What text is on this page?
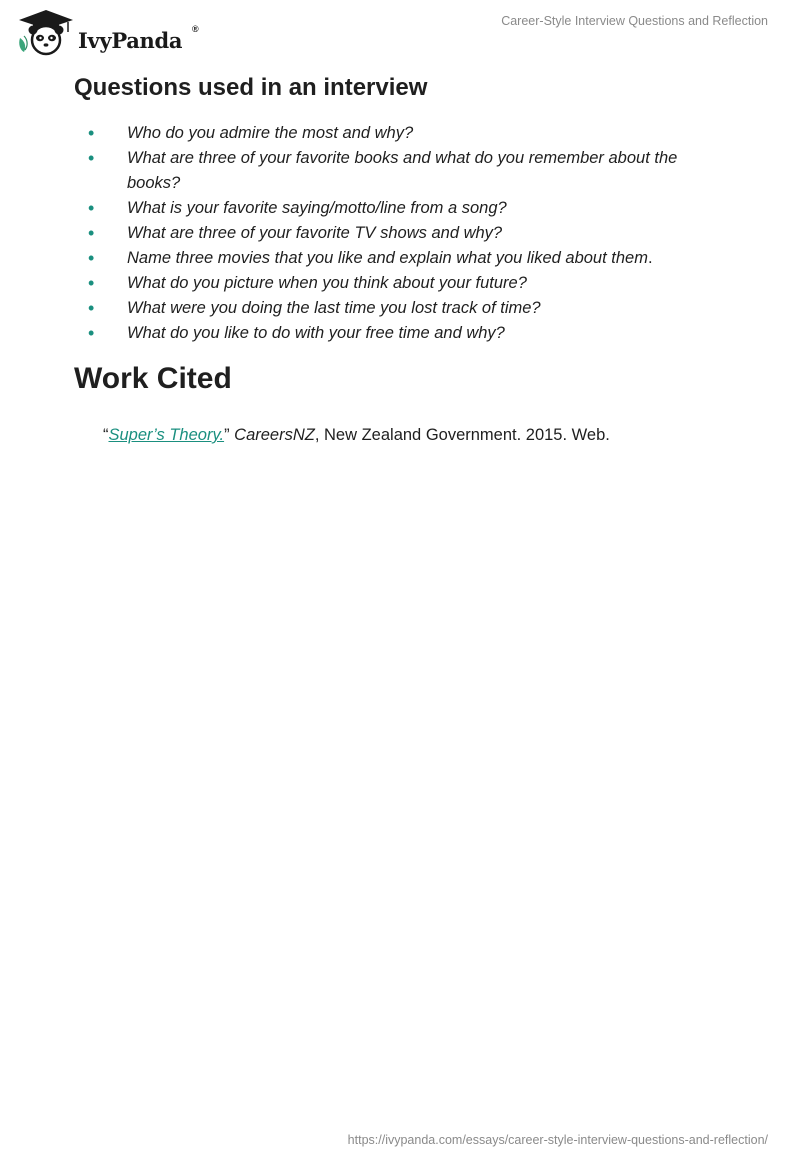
IvyPanda ®
Career-Style Interview Questions and Reflection
Questions used in an interview
• Who do you admire the most and why?
• What are three of your favorite books and what do you remember about the books?
• What is your favorite saying/motto/line from a song?
• What are three of your favorite TV shows and why?
• Name three movies that you like and explain what you liked about them.
• What do you picture when you think about your future?
• What were you doing the last time you lost track of time?
• What do you like to do with your free time and why?
Work Cited
“Super’s Theory.” CareersNZ, New Zealand Government. 2015. Web.
https://ivypanda.com/essays/career-style-interview-questions-and-reflection/
